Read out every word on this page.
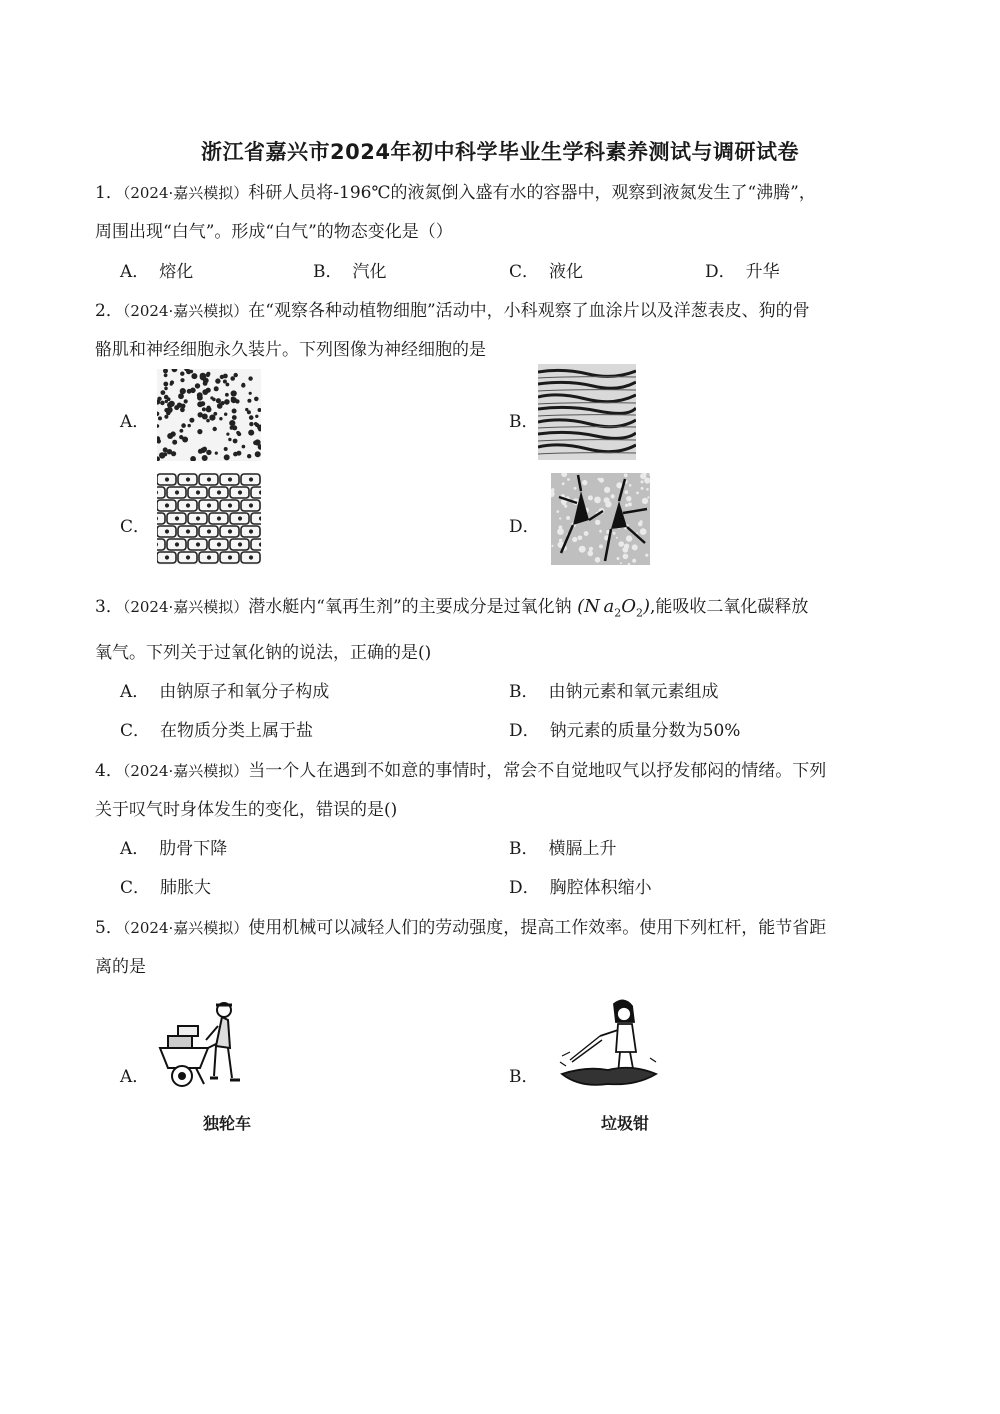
浙江省嘉兴市2024年初中科学毕业生学科素养测试与调研试卷
1．（2024·嘉兴模拟）科研人员将-196℃的液氮倒入盛有水的容器中，观察到液氮发生了“沸腾”，
周围出现“白气”。形成“白气”的物态变化是（）
A． 熔化	B． 汽化	C． 液化	D． 升华
2．（2024·嘉兴模拟）在“观察各种动植物细胞”活动中，小科观察了血涂片以及洋葱表皮、狗的骨
骼肌和神经细胞永久装片。下列图像为神经细胞的是
A．	B．
C．	D．
3．（2024·嘉兴模拟）潜水艇内“氧再生剂”的主要成分是过氧化钠 (N  $a_2O_2$),能吸收二氧化碳释放
氧气。下列关于过氧化钠的说法，正确的是()
A． 由钠原子和氧分子构成	B． 由钠元素和氧元素组成
C． 在物质分类上属于盐	D． 钠元素的质量分数为50%
4．（2024·嘉兴模拟）当一个人在遇到不如意的事情时，常会不自觉地叹气以抒发郁闷的情绪。下列
关于叹气时身体发生的变化，错误的是()
A． 肋骨下降	B． 横膈上升
C． 肺胀大	D． 胸腔体积缩小
5．（2024·嘉兴模拟）使用机械可以减轻人们的劳动强度，提高工作效率。使用下列杠杆，能节省距
离的是
A．
独轮车
B．
垃圾钳
